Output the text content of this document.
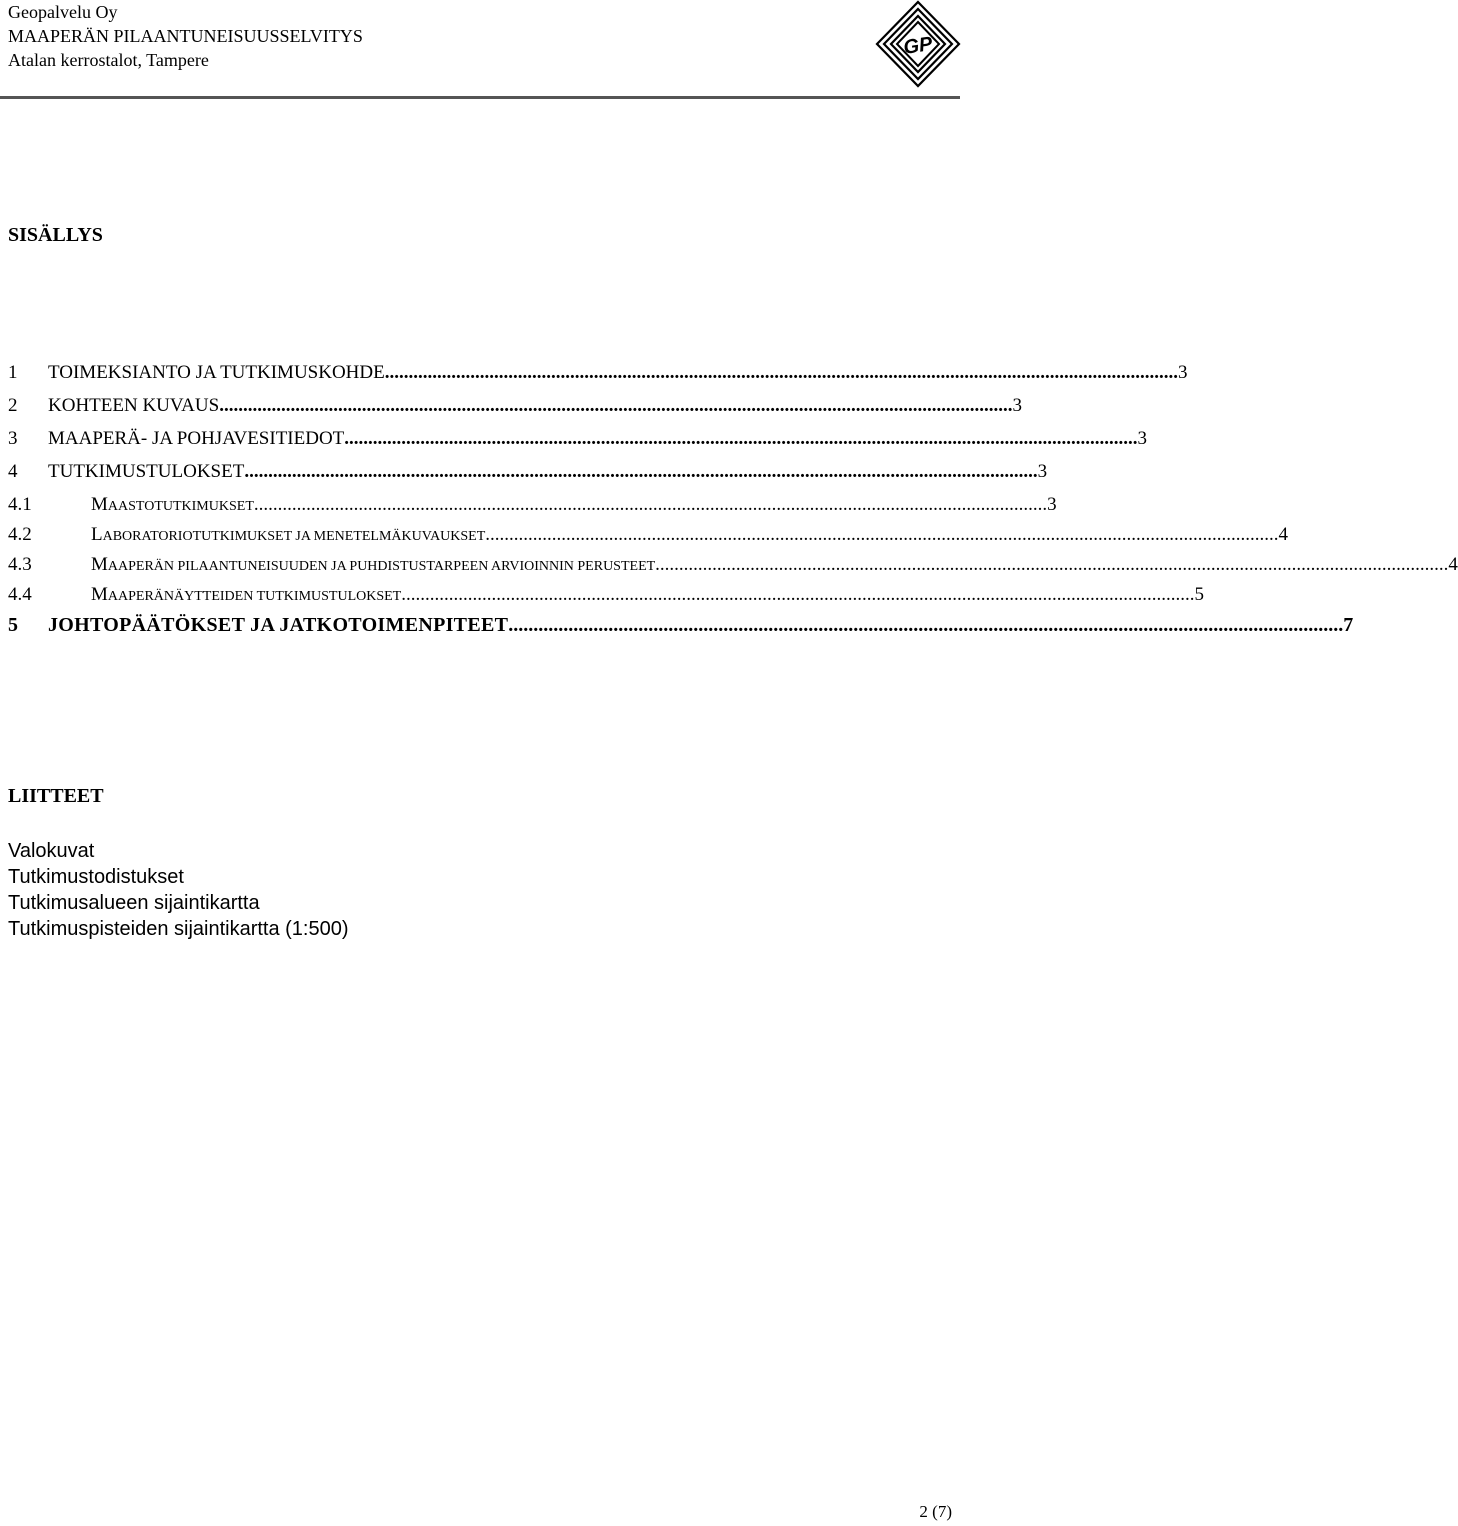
Geopalvelu Oy
MAAPERÄN PILAANTUNEISUUSSELVITYS
Atalan kerrostalot, Tampere
GP
SISÄLLYS
1	TOIMEKSIANTO JA TUTKIMUSKOHDE ....................................................................................................................................................................... 3
2	KOHTEEN KUVAUS ....................................................................................................................................................................... 3
3	MAAPERÄ- JA POHJAVESITIEDOT ....................................................................................................................................................................... 3
4	TUTKIMUSTULOKSET ....................................................................................................................................................................... 3
4.1	MAASTOTUTKIMUKSET ....................................................................................................................................................................... 3
4.2	LABORATORIOTUTKIMUKSET JA MENETELMÄKUVAUKSET ....................................................................................................................................................................... 4
4.3	MAAPERÄN PILAANTUNEISUUDEN JA PUHDISTUSTARPEEN ARVIOINNIN PERUSTEET ....................................................................................................................................................................... 4
4.4	MAAPERÄNÄYTTEIDEN TUTKIMUSTULOKSET ....................................................................................................................................................................... 5
5	JOHTOPÄÄTÖKSET JA JATKOTOIMENPITEET ....................................................................................................................................................................... 7
LIITTEET
Valokuvat
Tutkimustodistukset
Tutkimusalueen sijaintikartta
Tutkimuspisteiden sijaintikartta (1:500)
2 (7)
